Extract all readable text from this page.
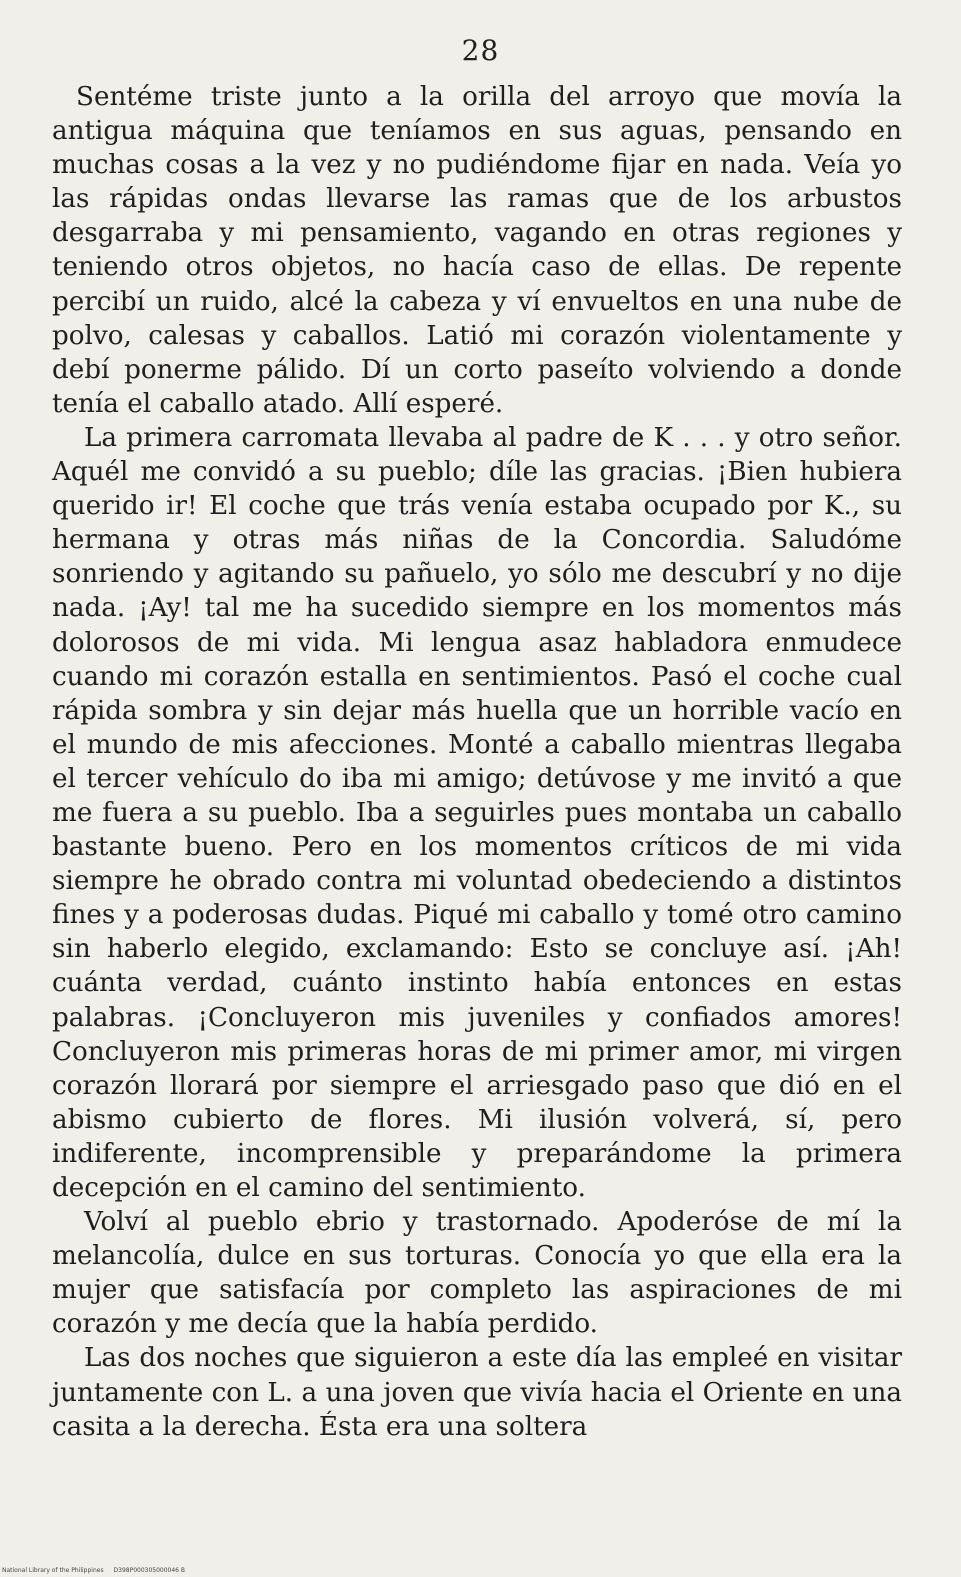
28

Sentéme triste junto a la orilla del arroyo que movía la antigua máquina que teníamos en sus aguas, pensando en muchas cosas a la vez y no pudiéndome fijar en nada. Veía yo las rápidas ondas llevarse las ramas que de los arbustos desgarraba y mi pensamiento, vagando en otras regiones y teniendo otros objetos, no hacía caso de ellas. De repente percibí un ruido, alcé la cabeza y ví envueltos en una nube de polvo, calesas y caballos. Latió mi corazón violentamente y debí ponerme pálido. Dí un corto paseíto volviendo a donde tenía el caballo atado. Allí esperé.

La primera carromata llevaba al padre de K . . . y otro señor. Aquél me convidó a su pueblo; díle las gracias. ¡Bien hubiera querido ir! El coche que trás venía estaba ocupado por K., su hermana y otras más niñas de la Concordia. Saludóme sonriendo y agitando su pañuelo, yo sólo me descubrí y no dije nada. ¡Ay! tal me ha sucedido siempre en los momentos más dolorosos de mi vida. Mi lengua asaz habladora enmudece cuando mi corazón estalla en sentimientos. Pasó el coche cual rápida sombra y sin dejar más huella que un horrible vacío en el mundo de mis afecciones. Monté a caballo mientras llegaba el tercer vehículo do iba mi amigo; detúvose y me invitó a que me fuera a su pueblo. Iba a seguirles pues montaba un caballo bastante bueno. Pero en los momentos críticos de mi vida siempre he obrado contra mi voluntad obedeciendo a distintos fines y a poderosas dudas. Piqué mi caballo y tomé otro camino sin haberlo elegido, exclamando: Esto se concluye así. ¡Ah! cuánta verdad, cuánto instinto había entonces en estas palabras. ¡Concluyeron mis juveniles y confiados amores! Concluyeron mis primeras horas de mi primer amor, mi virgen corazón llorará por siempre el arriesgado paso que dió en el abismo cubierto de flores. Mi ilusión volverá, sí, pero indiferente, incomprensible y preparándome la primera decepción en el camino del sentimiento.

Volví al pueblo ebrio y trastornado. Apoderóse de mí la melancolía, dulce en sus torturas. Conocía yo que ella era la mujer que satisfacía por completo las aspiraciones de mi corazón y me decía que la había perdido.

Las dos noches que siguieron a este día las empleé en visitar juntamente con L. a una joven que vivía hacia el Oriente en una casita a la derecha. Ésta era una soltera

National Library of the Philippines D398P000305000046 B
